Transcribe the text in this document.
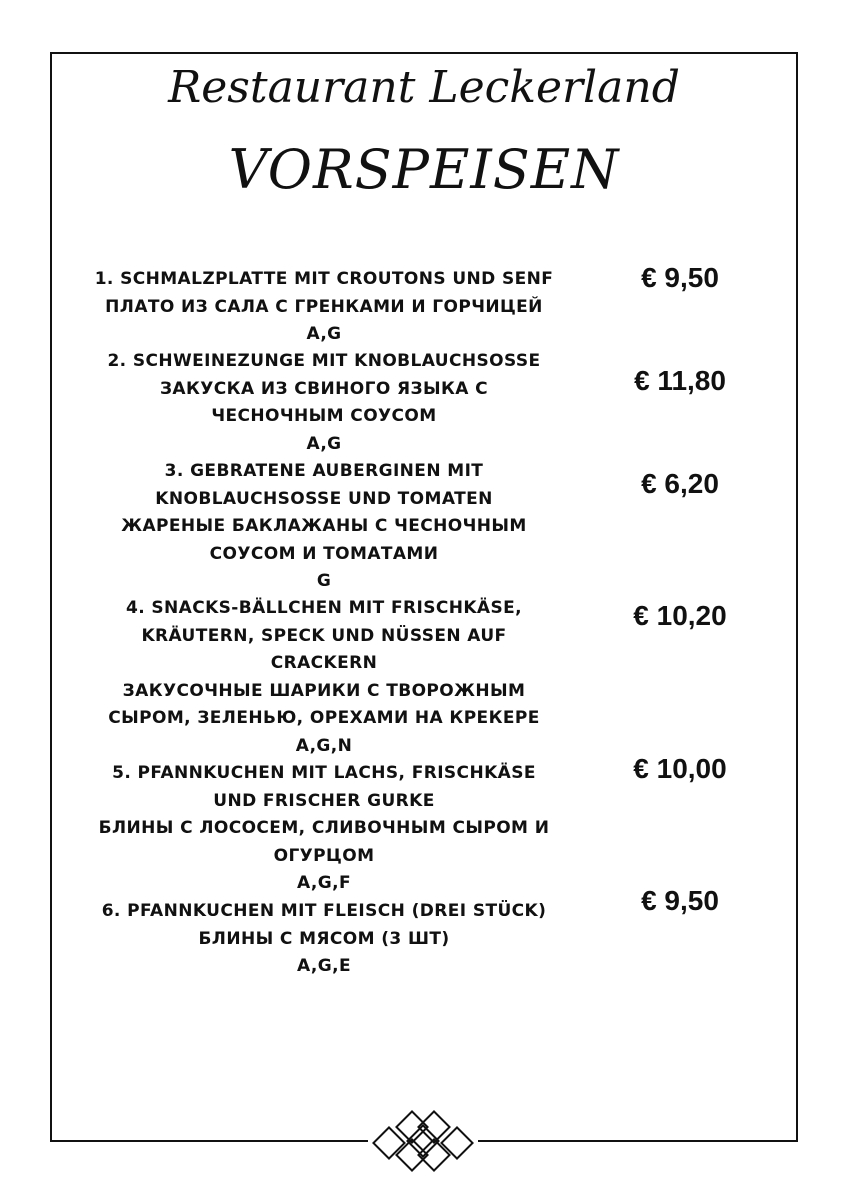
Restaurant Leckerland
VORSPEISEN
1. SCHMALZPLATTE MIT CROUTONS UND SENF
ПЛАТО ИЗ САЛА С ГРЕНКАМИ И ГОРЧИЦЕЙ
A,G
€ 9,50
2. SCHWEINEZUNGE MIT KNOBLAUCHSOSSE
ЗАКУСКА ИЗ СВИНОГО ЯЗЫКА С
ЧЕСНОЧНЫМ СОУСОМ
A,G
€ 11,80
3. GEBRATENE AUBERGINEN MIT
KNOBLAUCHSOSSE UND TOMATEN
ЖАРЕНЫЕ БАКЛАЖАНЫ С ЧЕСНОЧНЫМ
СОУСОМ И ТОМАТАМИ
G
€ 6,20
4. SNACKS-BÄLLCHEN MIT FRISCHKÄSE,
KRÄUTERN, SPECK UND NÜSSEN AUF
CRACKERN
ЗАКУСОЧНЫЕ ШАРИКИ С ТВОРОЖНЫМ
СЫРОМ, ЗЕЛЕНЬЮ, ОРЕХАМИ НА КРЕКЕРЕ
A,G,N
€ 10,20
5. PFANNKUCHEN MIT LACHS, FRISCHKÄSE
UND FRISCHER GURKE
БЛИНЫ С ЛОСОСЕМ, СЛИВОЧНЫМ СЫРОМ И
ОГУРЦОМ
A,G,F
€ 10,00
6. PFANNKUCHEN MIT FLEISCH (DREI STÜCK)
БЛИНЫ С МЯСОМ (3 ШТ)
A,G,E
€ 9,50
